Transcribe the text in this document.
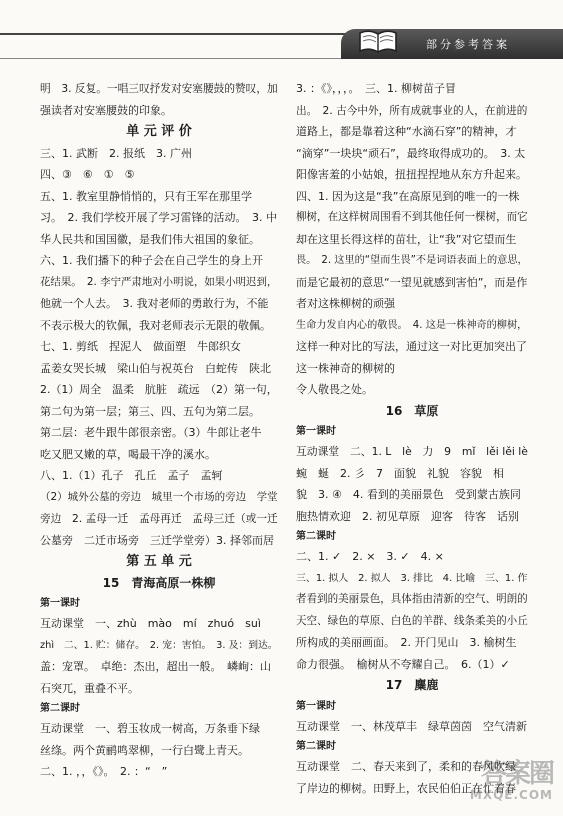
部分参考答案

明　3. 反复。一唱三叹抒发对安塞腰鼓的赞叹，加

强读者对安塞腰鼓的印象。

单 元 评 价

三、1. 武断　2. 报纸　3. 广州

四、③　⑥　①　⑤

五、1. 教室里静悄悄的，只有王军在那里学

习。　2. 我们学校开展了学习雷锋的活动。　3. 中

华人民共和国国徽，是我们伟大祖国的象征。

六、1. 我们播下的种子会在自己学生的身上开

花结果。　2. 李宁严肃地对小明说，如果小明迟到，

他就一个人去。　3. 我对老师的勇敢行为，不能

不表示极大的钦佩，我对老师表示无限的敬佩。

七、1. 剪纸　捏泥人　做面塑　牛郎织女

孟姜女哭长城　梁山伯与祝英台　白蛇传　陕北

2.（1）周全　温柔　肮脏　疏远　（2）第一句，

第二句为第一层；第三、四、五句为第二层。

第二层：老牛跟牛郎很亲密。（3）牛郎让老牛

吃又肥又嫩的草，喝最干净的溪水。

八、1.（1）孔子　孔丘　孟子　孟轲

（2）城外公墓的旁边　城里一个市场的旁边　学堂

旁边　2. 孟母一迁　孟母再迁　孟母三迁（或一迁

公墓旁　二迁市场旁　三迁学堂旁）3. 择邻而居

第 五 单 元

15　青海高原一株柳

第一课时

互动课堂　一、zhù　mào　mí　zhuó　suì

zhì　二、1. 贮：储存。　2. 宠：害怕。　3. 及：到达。

盖：宠罩。　卓绝：杰出，超出一般。　嶙峋：山

石突兀，重叠不平。

第二课时

互动课堂　一、碧玉妆成一树高，万条垂下绿

丝绦。两个黄鹂鸣翠柳，一行白鹭上青天。

二、1. ，，《》。　2. ：“　”

3. ：《》，，，。　三、1. 柳树苗子冒

出。　2. 古今中外，所有成就事业的人，在前进的

道路上，都是靠着这种“水滴石穿”的精神，才

“滴穿”一块块“顽石”，最终取得成功的。　3. 太

阳像害羞的小姑娘，扭扭捏捏地从东方升起来。

四、1. 因为这是“我”在高原见到的唯一的一株

柳树，在这样树周围看不到其他任何一棵树，而它

却在这里长得这样的苗壮，让“我”对它望而生

畏。　2. 这里的“望而生畏”不是词语表面上的意思，

而是它最初的意思“一望见就感到害怕”，而是作者对这株柳树的顽强

生命力发自内心的敬畏。　4. 这是一株神奇的柳树，

这样一种对比的写法，通过这一对比更加突出了这一株神奇的柳树的

令人敬畏之处。

16　草原

第一课时

互动课堂　二、1. L　lè　力　9　mǐ　lěi lěi lè

蜿　蜒　2. 彡　7　面貌　礼貌　容貌　相

貌　3. ④　4. 看到的美丽景色　受到蒙古族同

胞热情欢迎　2. 初见草原　迎客　待客　话别

第二课时

二、1. ✓　2. ×　3. ✓　4. ×

三、1. 拟人　2. 拟人　3. 排比　4. 比喻　三、1. 作

者看到的美丽景色，具体指由清新的空气、明朗的

天空、绿色的草原、白色的羊群、线条柔美的小丘

所构成的美丽画面。　2. 开门见山　3. 榆树生

命力很强。　榆树从不夸耀自己。　6.（1）✓

17　麋鹿

第一课时

互动课堂　一、林茂草丰　绿草茵茵　空气清新

第二课时

互动课堂　二、春天来到了，柔和的春风吹绿

了岸边的柳树。田野上，农民伯伯正在忙着春

答案圈
MXQE.COM
